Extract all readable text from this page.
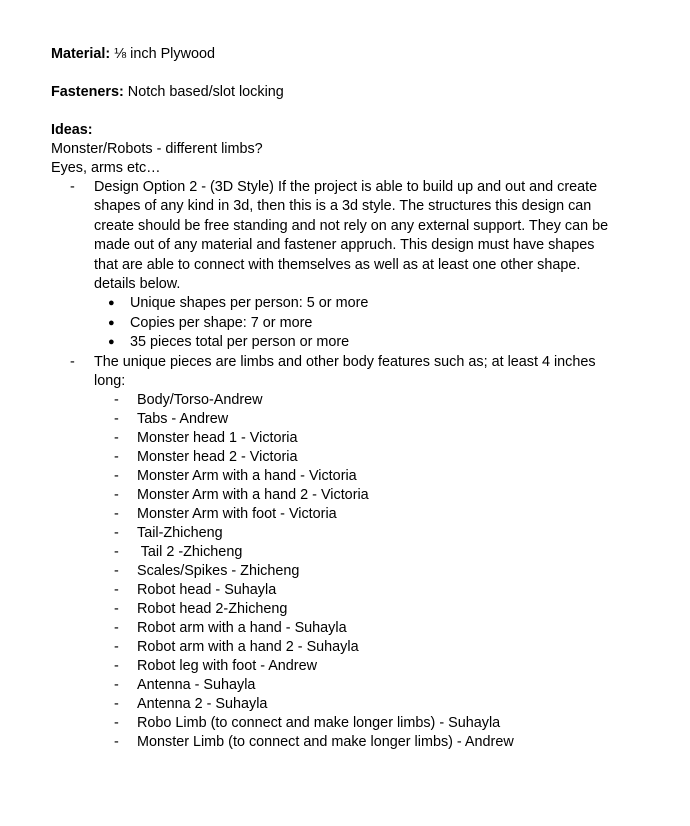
Material: ⅛ inch Plywood
Fasteners: Notch based/slot locking
Ideas:
Monster/Robots - different limbs?
Eyes, arms etc…
- Design Option 2 - (3D Style) If the project is able to build up and out and create shapes of any kind in 3d, then this is a 3d style. The structures this design can create should be free standing and not rely on any external support. They can be made out of any material and fastener appruch. This design must have shapes that are able to connect with themselves as well as at least one other shape. details below.
● Unique shapes per person: 5 or more
● Copies per shape: 7 or more
● 35 pieces total per person or more
- The unique pieces are limbs and other body features such as; at least 4 inches long:
- Body/Torso-Andrew
- Tabs - Andrew
- Monster head 1 - Victoria
- Monster head 2 - Victoria
- Monster Arm with a hand - Victoria
- Monster Arm with a hand 2 - Victoria
- Monster Arm with foot - Victoria
- Tail-Zhicheng
- Tail 2 -Zhicheng
- Scales/Spikes - Zhicheng
- Robot head - Suhayla
- Robot head 2-Zhicheng
- Robot arm with a hand - Suhayla
- Robot arm with a hand 2 - Suhayla
- Robot leg with foot - Andrew
- Antenna - Suhayla
- Antenna 2 - Suhayla
- Robo Limb (to connect and make longer limbs) - Suhayla
- Monster Limb (to connect and make longer limbs) - Andrew
